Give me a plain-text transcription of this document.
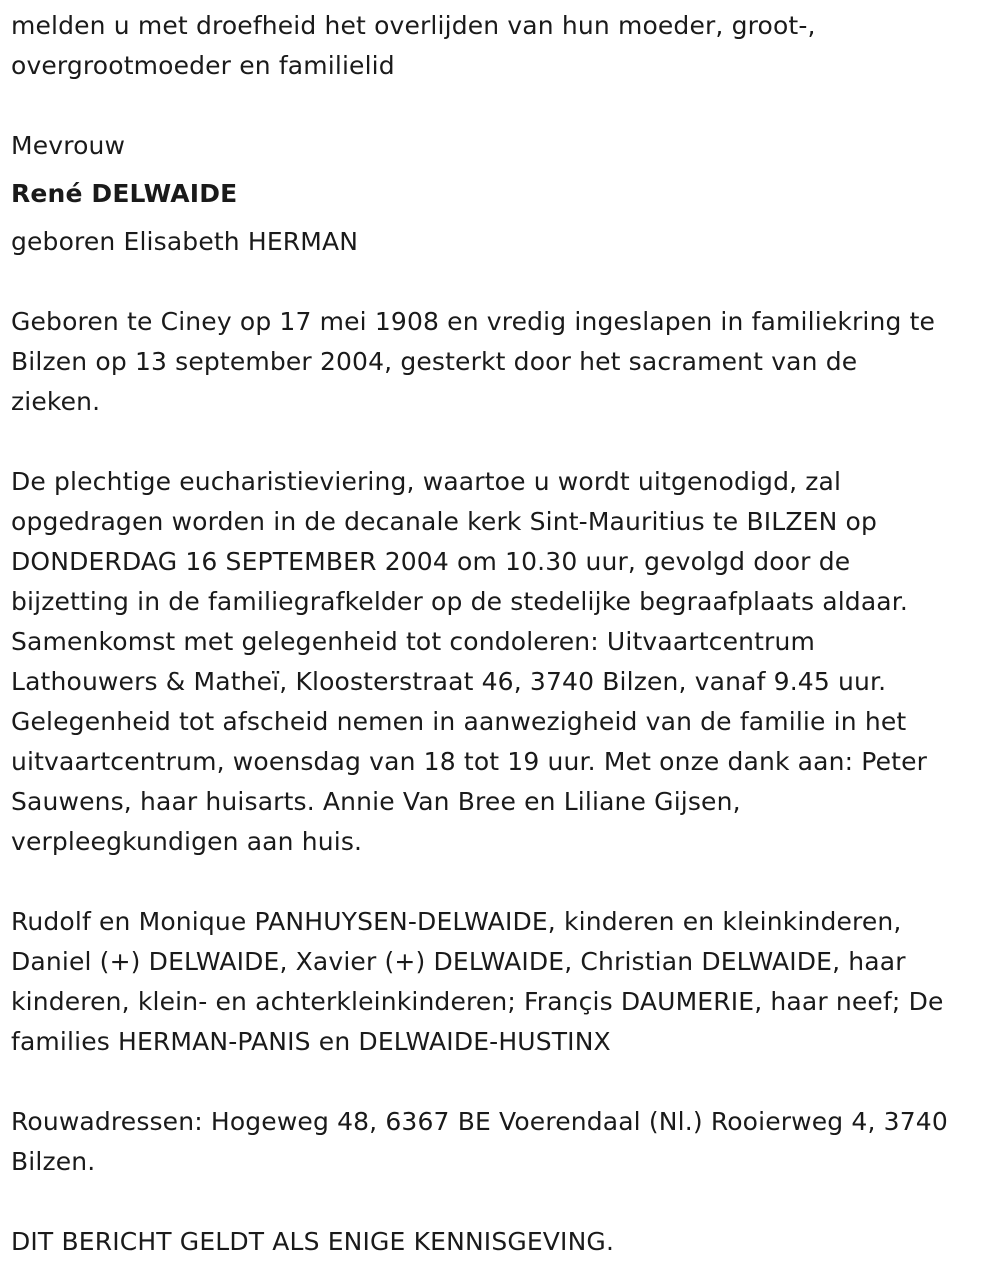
melden u met droefheid het overlijden van hun moeder, groot-,
overgrootmoeder en familielid

Mevrouw

René DELWAIDE

geboren Elisabeth HERMAN

Geboren te Ciney op 17 mei 1908 en vredig ingeslapen in familiekring te
Bilzen op 13 september 2004, gesterkt door het sacrament van de
zieken.

De plechtige eucharistieviering, waartoe u wordt uitgenodigd, zal
opgedragen worden in de decanale kerk Sint-Mauritius te BILZEN op
DONDERDAG 16 SEPTEMBER 2004 om 10.30 uur, gevolgd door de
bijzetting in de familiegrafkelder op de stedelijke begraafplaats aldaar.
Samenkomst met gelegenheid tot condoleren: Uitvaartcentrum
Lathouwers & Matheï, Kloosterstraat 46, 3740 Bilzen, vanaf 9.45 uur.
Gelegenheid tot afscheid nemen in aanwezigheid van de familie in het
uitvaartcentrum, woensdag van 18 tot 19 uur. Met onze dank aan: Peter
Sauwens, haar huisarts. Annie Van Bree en Liliane Gijsen,
verpleegkundigen aan huis.

Rudolf en Monique PANHUYSEN-DELWAIDE, kinderen en kleinkinderen,
Daniel (+) DELWAIDE, Xavier (+) DELWAIDE, Christian DELWAIDE, haar
kinderen, klein- en achterkleinkinderen; Françis DAUMERIE, haar neef; De
families HERMAN-PANIS en DELWAIDE-HUSTINX

Rouwadressen: Hogeweg 48, 6367 BE Voerendaal (Nl.) Rooierweg 4, 3740
Bilzen.

DIT BERICHT GELDT ALS ENIGE KENNISGEVING.
